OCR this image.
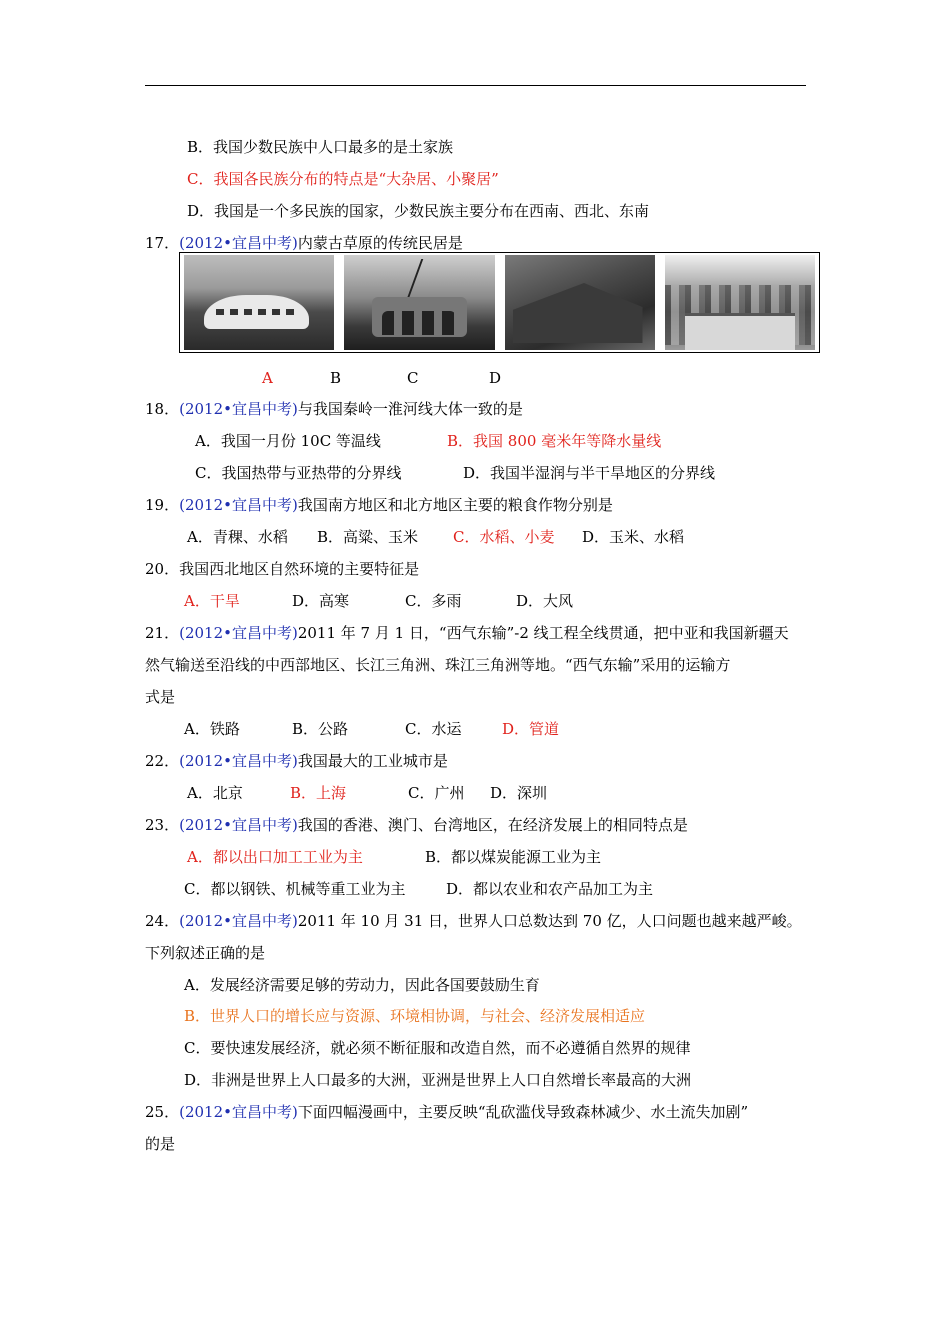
B．我国少数民族中人口最多的是土家族
C．我国各民族分布的特点是“大杂居、小聚居”
D．我国是一个多民族的国家，少数民族主要分布在西南、西北、东南
17．(2012•宜昌中考)内蒙古草原的传统民居是
A	B	C	D
18．(2012•宜昌中考)与我国秦岭一淮河线大体一致的是
A．我国一月份 10C 等温线	B．我国 800 毫米年等降水量线
C．我国热带与亚热带的分界线	D．我国半湿润与半干旱地区的分界线
19．(2012•宜昌中考)我国南方地区和北方地区主要的粮食作物分别是
A．青稞、水稻 B．高粱、玉米 C．水稻、小麦 D．玉米、水稻
20．我国西北地区自然环境的主要特征是
A．干旱	D．高寒	C．多雨	D．大风
21．(2012•宜昌中考)2011 年 7 月 1 日，“西气东输”-2 线工程全线贯通，把中亚和我国新疆天
然气输送至沿线的中西部地区、长江三角洲、珠江三角洲等地。“西气东输”采用的运输方
式是
A．铁路	B．公路	C．水运	D．管道
22．(2012•宜昌中考)我国最大的工业城市是
A．北京	B．上海	C．广州 D．深圳
23．(2012•宜昌中考)我国的香港、澳门、台湾地区，在经济发展上的相同特点是
A．都以出口加工工业为主	B．都以煤炭能源工业为主
C．都以钢铁、机械等重工业为主	D．都以农业和农产品加工为主
24．(2012•宜昌中考)2011 年 10 月 31 日，世界人口总数达到 70 亿，人口问题也越来越严峻。
下列叙述正确的是
A．发展经济需要足够的劳动力，因此各国要鼓励生育
B．世界人口的增长应与资源、环境相协调，与社会、经济发展相适应
C．要快速发展经济，就必须不断征服和改造自然，而不必遵循自然界的规律
D．非洲是世界上人口最多的大洲，亚洲是世界上人口自然增长率最高的大洲
25．(2012•宜昌中考)下面四幅漫画中，主要反映“乱砍滥伐导致森林减少、水土流失加剧”
的是
